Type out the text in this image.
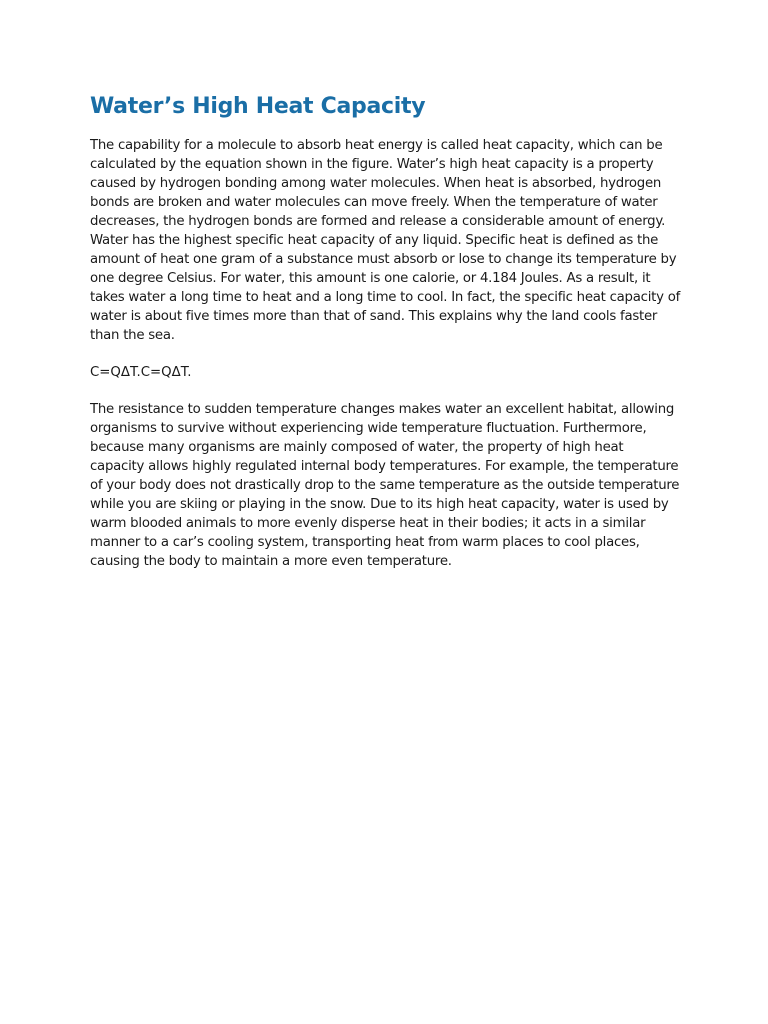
Water’s High Heat Capacity

The capability for a molecule to absorb heat energy is called heat capacity, which can be calculated by the equation shown in the figure. Water’s high heat capacity is a property caused by hydrogen bonding among water molecules. When heat is absorbed, hydrogen bonds are broken and water molecules can move freely. When the temperature of water decreases, the hydrogen bonds are formed and release a considerable amount of energy. Water has the highest specific heat capacity of any liquid. Specific heat is defined as the amount of heat one gram of a substance must absorb or lose to change its temperature by one degree Celsius. For water, this amount is one calorie, or 4.184 Joules. As a result, it takes water a long time to heat and a long time to cool. In fact, the specific heat capacity of water is about five times more than that of sand. This explains why the land cools faster than the sea.

C=QΔT.C=QΔT.

The resistance to sudden temperature changes makes water an excellent habitat, allowing organisms to survive without experiencing wide temperature fluctuation. Furthermore, because many organisms are mainly composed of water, the property of high heat capacity allows highly regulated internal body temperatures. For example, the temperature of your body does not drastically drop to the same temperature as the outside temperature while you are skiing or playing in the snow. Due to its high heat capacity, water is used by warm blooded animals to more evenly disperse heat in their bodies; it acts in a similar manner to a car’s cooling system, transporting heat from warm places to cool places, causing the body to maintain a more even temperature.
